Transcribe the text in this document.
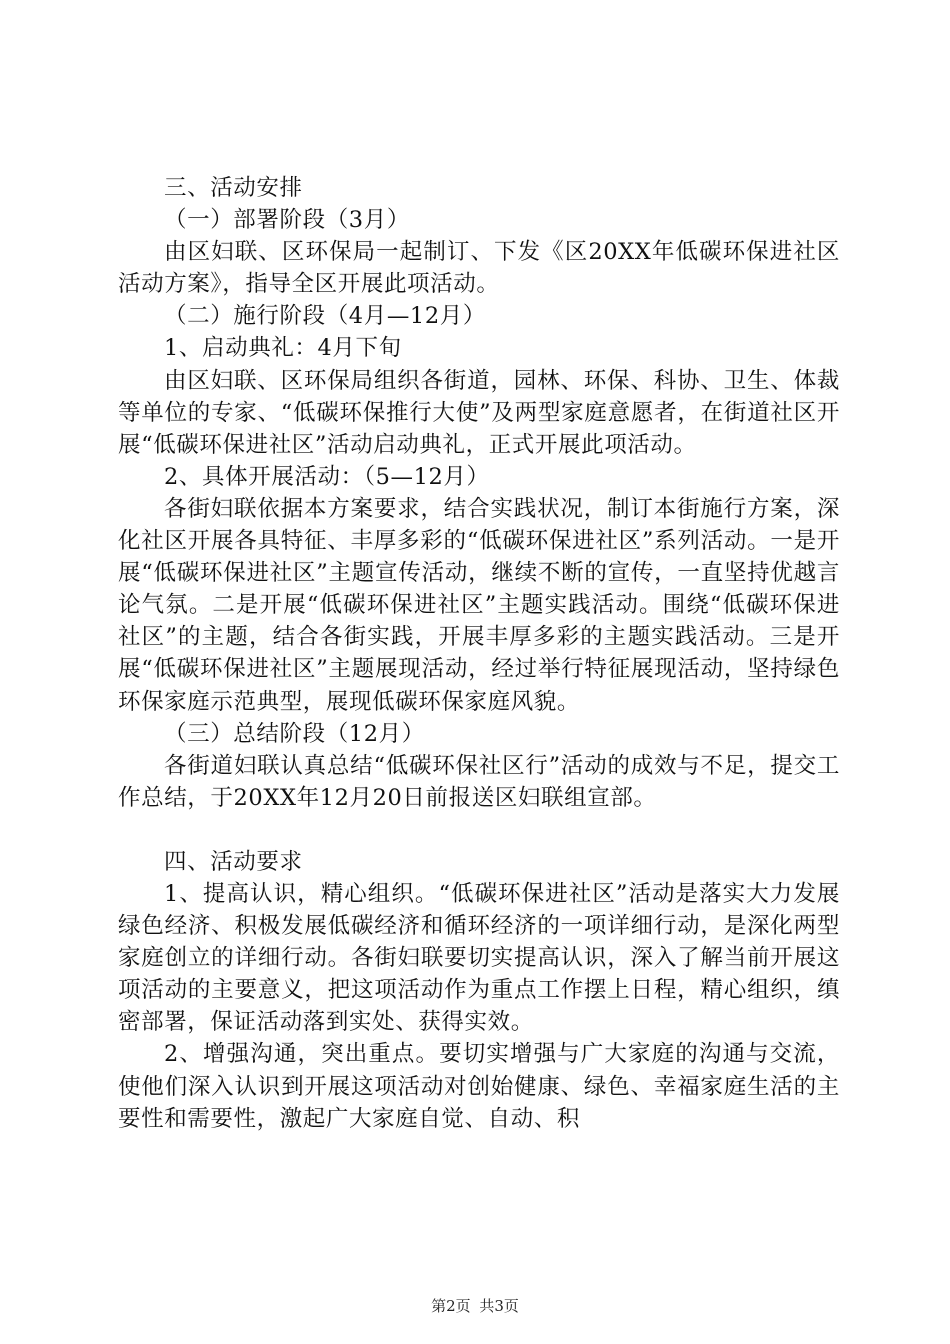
三、活动安排

（一）部署阶段（3月）

由区妇联、区环保局一起制订、下发《区20XX年低碳环保进社区活动方案》，指导全区开展此项活动。

（二）施行阶段（4月—12月）

1、启动典礼：4月下旬

由区妇联、区环保局组织各街道，园林、环保、科协、卫生、体裁等单位的专家、“低碳环保推行大使”及两型家庭意愿者，在街道社区开展“低碳环保进社区”活动启动典礼，正式开展此项活动。

2、具体开展活动：（5—12月）

各街妇联依据本方案要求，结合实践状况，制订本街施行方案，深化社区开展各具特征、丰厚多彩的“低碳环保进社区”系列活动。一是开展“低碳环保进社区”主题宣传活动，继续不断的宣传，一直坚持优越言论气氛。二是开展“低碳环保进社区”主题实践活动。围绕“低碳环保进社区”的主题，结合各街实践，开展丰厚多彩的主题实践活动。三是开展“低碳环保进社区”主题展现活动，经过举行特征展现活动，坚持绿色环保家庭示范典型，展现低碳环保家庭风貌。

（三）总结阶段（12月）

各街道妇联认真总结“低碳环保社区行”活动的成效与不足，提交工作总结，于20XX年12月20日前报送区妇联组宣部。

四、活动要求

1、提高认识，精心组织。“低碳环保进社区”活动是落实大力发展绿色经济、积极发展低碳经济和循环经济的一项详细行动，是深化两型家庭创立的详细行动。各街妇联要切实提高认识，深入了解当前开展这项活动的主要意义，把这项活动作为重点工作摆上日程，精心组织，缜密部署，保证活动落到实处、获得实效。

2、增强沟通，突出重点。要切实增强与广大家庭的沟通与交流，使他们深入认识到开展这项活动对创始健康、绿色、幸福家庭生活的主要性和需要性，激起广大家庭自觉、自动、积

第2页 共3页
